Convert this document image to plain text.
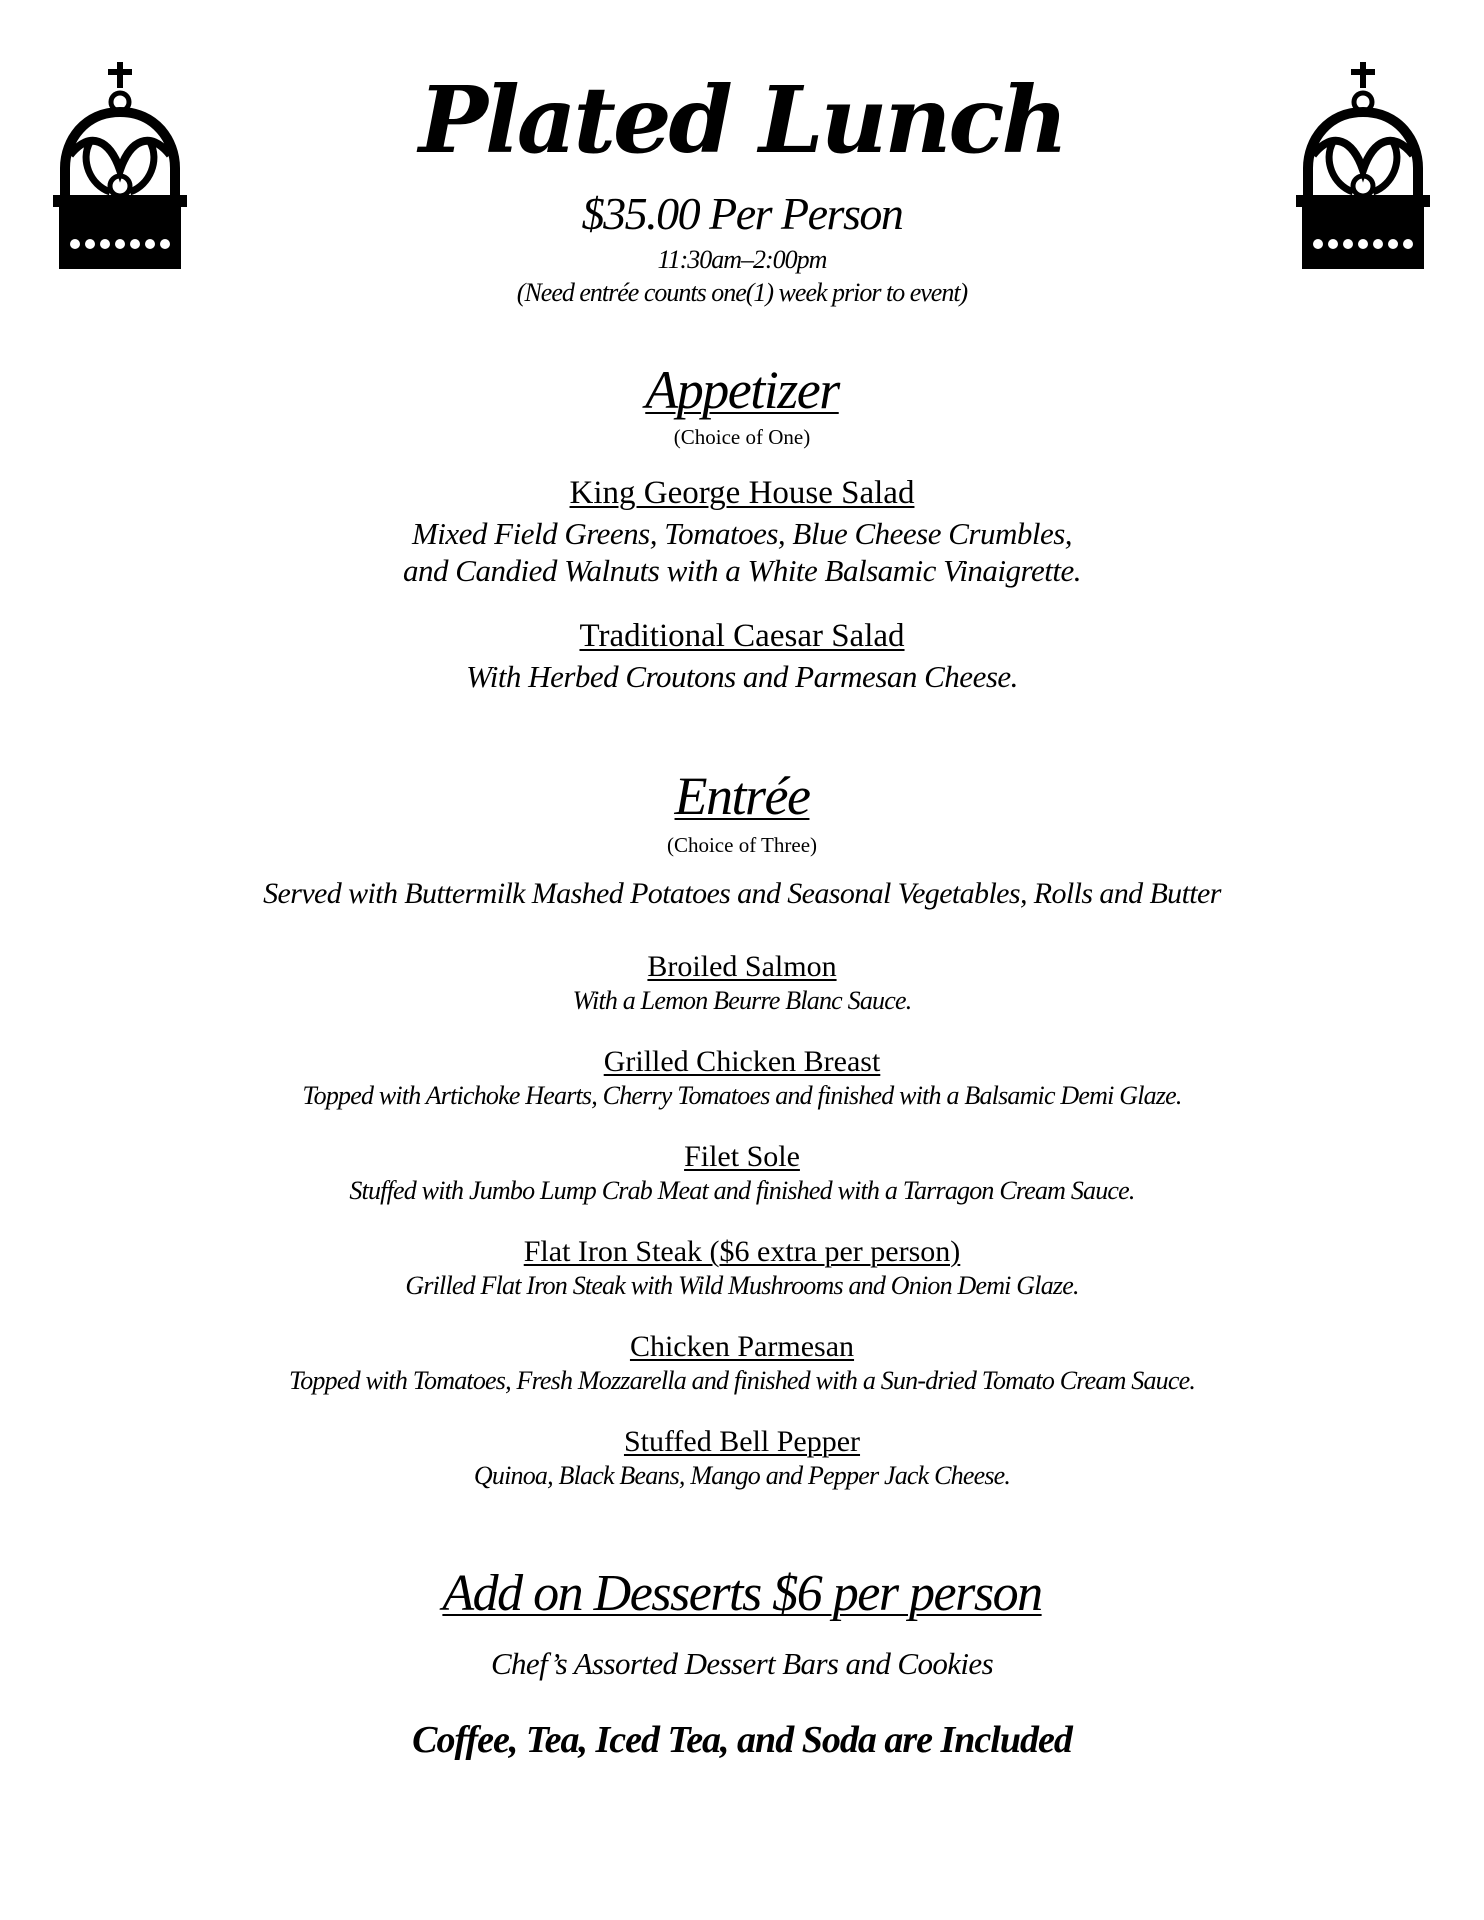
Plated Lunch
$35.00 Per Person
11:30am–2:00pm
(Need entrée counts one(1) week prior to event)
Appetizer
(Choice of One)
King George House Salad
Mixed Field Greens, Tomatoes, Blue Cheese Crumbles,
and Candied Walnuts with a White Balsamic Vinaigrette.
Traditional Caesar Salad
With Herbed Croutons and Parmesan Cheese.
Entrée
(Choice of Three)
Served with Buttermilk Mashed Potatoes and Seasonal Vegetables, Rolls and Butter
Broiled Salmon
With a Lemon Beurre Blanc Sauce.
Grilled Chicken Breast
Topped with Artichoke Hearts, Cherry Tomatoes and finished with a Balsamic Demi Glaze.
Filet Sole
Stuffed with Jumbo Lump Crab Meat and finished with a Tarragon Cream Sauce.
Flat Iron Steak ($6 extra per person)
Grilled Flat Iron Steak with Wild Mushrooms and Onion Demi Glaze.
Chicken Parmesan
Topped with Tomatoes, Fresh Mozzarella and finished with a Sun-dried Tomato Cream Sauce.
Stuffed Bell Pepper
Quinoa, Black Beans, Mango and Pepper Jack Cheese.
Add on Desserts $6 per person
Chef’s Assorted Dessert Bars and Cookies
Coffee, Tea, Iced Tea, and Soda are Included
